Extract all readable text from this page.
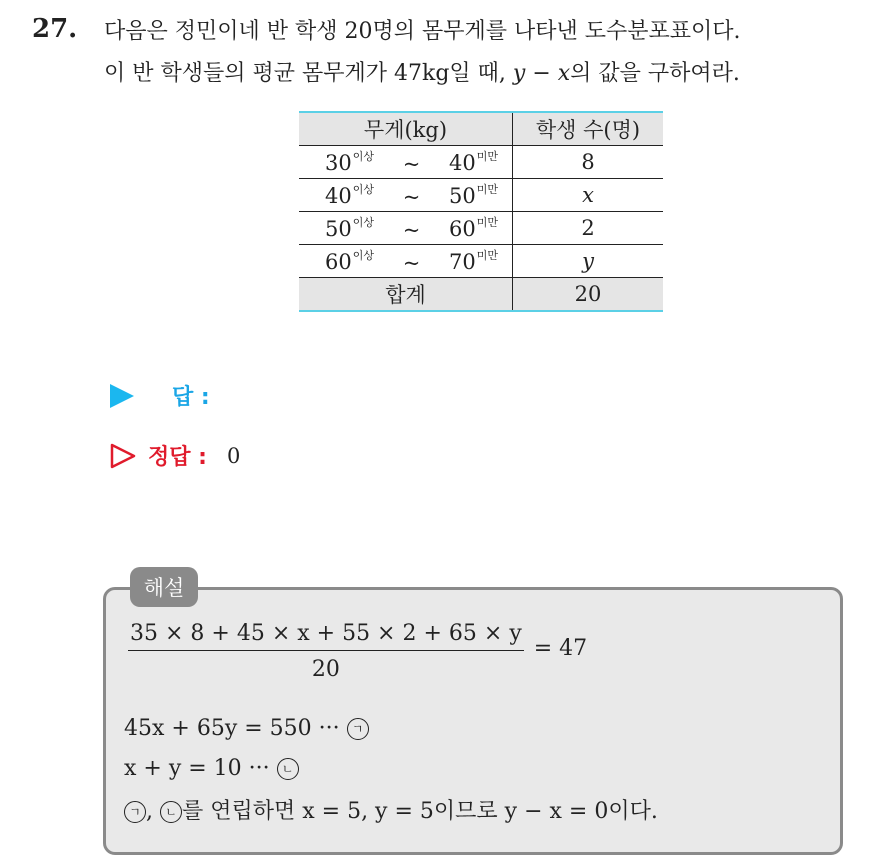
27. 다음은 정민이네 반 학생 20명의 몸무게를 나타낸 도수분포표이다.
이 반 학생들의 평균 몸무게가 47kg일 때, y − x의 값을 구하여라.
무게(kg)	학생 수(명)

$30^{이상}$ ~ $40^{미만}$	8

$40^{이상}$ ~ $50^{미만}$	x

$50^{이상}$ ~ $60^{미만}$	2

$60^{이상}$ ~ $70^{미만}$	y
합계	20
답 :
정답 : 0
해설
$\frac{35 \times 8 + 45 \times x + 55 \times 2 + 65 \times y}{20} = 47$
45x + 65y = 550 ··· ㄱ
x + y = 10 ··· ㄴ
ㄱ , ㄴ 를 연립하면 x = 5, y = 5이므로 y − x = 0이다.
